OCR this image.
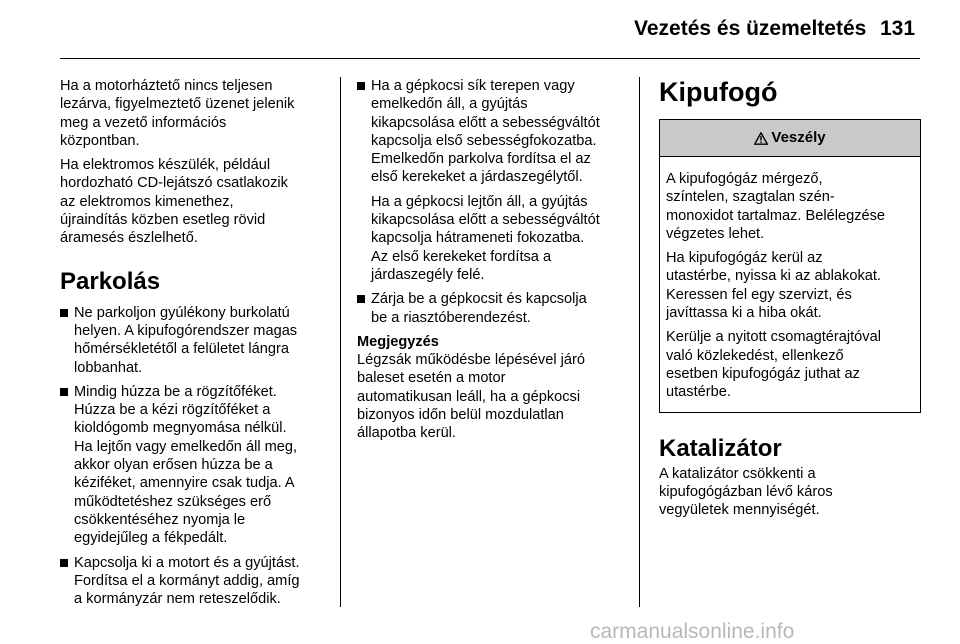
Vezetés és üzemeltetés 131

Ha a motorháztető nincs teljesen
lezárva, figyelmeztető üzenet jelenik
meg a vezető információs
központban.

Ha elektromos készülék, például
hordozható CD-lejátszó csatlakozik
az elektromos kimenethez,
újraindítás közben esetleg rövid
áramesés észlelhető.

Parkolás
Ne parkoljon gyúlékony burkolatú
helyen. A kipufogórendszer magas
hőmérsékletétől a felületet lángra
lobbanhat.
Mindig húzza be a rögzítőféket.
Húzza be a kézi rögzítőféket a
kioldógomb megnyomása nélkül.
Ha lejtőn vagy emelkedőn áll meg,
akkor olyan erősen húzza be a
kéziféket, amennyire csak tudja. A
működtetéshez szükséges erő
csökkentéséhez nyomja le
egyidejűleg a fékpedált.
Kapcsolja ki a motort és a gyújtást.
Fordítsa el a kormányt addig, amíg
a kormányzár nem reteszelődik.
Ha a gépkocsi sík terepen vagy
emelkedőn áll, a gyújtás
kikapcsolása előtt a sebességváltót
kapcsolja első sebességfokozatba.
Emelkedőn parkolva fordítsa el az
első kerekeket a járdaszegélytől.

Ha a gépkocsi lejtőn áll, a gyújtás
kikapcsolása előtt a sebességváltót
kapcsolja hátrameneti fokozatba.
Az első kerekeket fordítsa a
járdaszegély felé.

Zárja be a gépkocsit és kapcsolja
be a riasztóberendezést.
Megjegyzés

Légzsák működésbe lépésével járó
baleset esetén a motor
automatikusan leáll, ha a gépkocsi
bizonyos időn belül mozdulatlan
állapotba kerül.

Kipufogó
Veszély

A kipufogógáz mérgező,
színtelen, szagtalan szén-
monoxidot tartalmaz. Belélegzése
végzetes lehet.

Ha kipufogógáz kerül az
utastérbe, nyissa ki az ablakokat.
Keressen fel egy szervizt, és
javíttassa ki a hiba okát.

Kerülje a nyitott csomagtérajtóval
való közlekedést, ellenkező
esetben kipufogógáz juthat az
utastérbe.

Katalizátor

A katalizátor csökkenti a
kipufogógázban lévő káros
vegyületek mennyiségét.

carmanualsonline.info
